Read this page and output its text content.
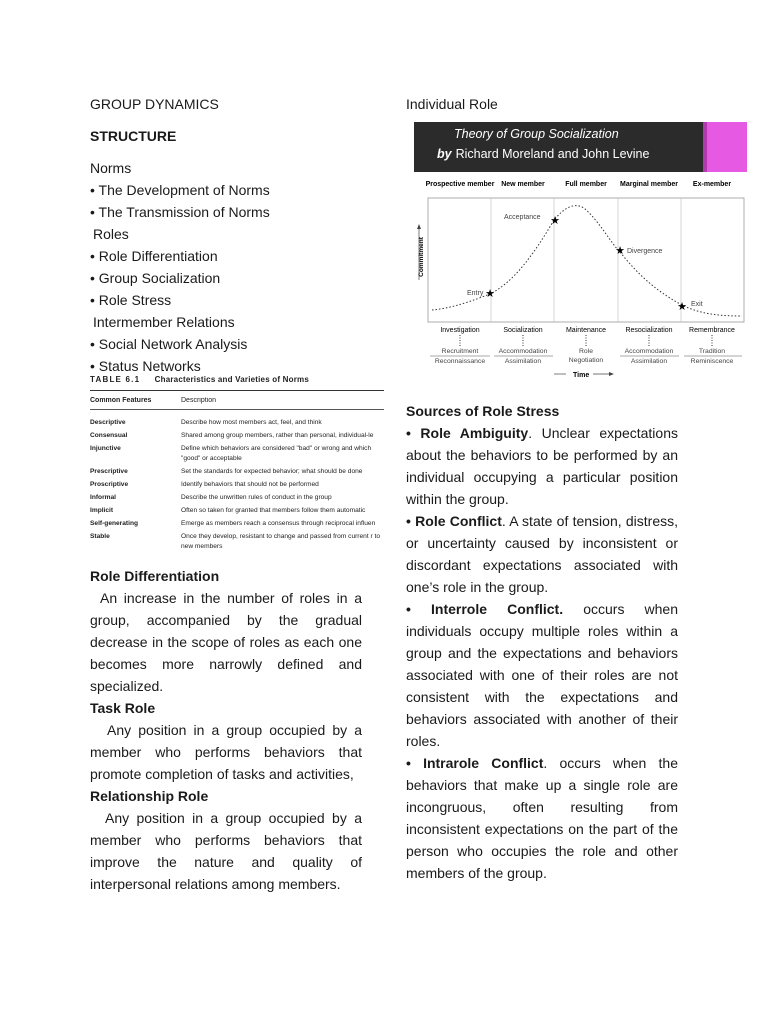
GROUP DYNAMICS
STRUCTURE
Norms
• The Development of Norms
• The Transmission of Norms
Roles
• Role Differentiation
• Group Socialization
• Role Stress
Intermember Relations
• Social Network Analysis
• Status Networks
TABLE 6.1 Characteristics and Varieties of Norms
Common Features	Description
Descriptive	Describe how most members act, feel, and think
Consensual	Shared among group members, rather than personal, individual-le
Injunctive	Define which behaviors are considered "bad" or wrong and which "good" or acceptable
Prescriptive	Set the standards for expected behavior; what should be done
Proscriptive	Identify behaviors that should not be performed
Informal	Describe the unwritten rules of conduct in the group
Implicit	Often so taken for granted that members follow them automatic
Self-generating	Emerge as members reach a consensus through reciprocal influen
Stable	Once they develop, resistant to change and passed from current r to new members
Role Differentiation

An increase in the number of roles in a group, accompanied by the gradual decrease in the scope of roles as each one becomes more narrowly defined and specialized.

Task Role

Any position in a group occupied by a member who performs behaviors that promote completion of tasks and activities,

Relationship Role

Any position in a group occupied by a member who performs behaviors that improve the nature and quality of interpersonal relations among members.

Individual Role
Theory of Group Socialization
by Richard Moreland and John Levine
Prospective member New member	Full member Marginal member Ex-member
Commitment
★
★
★
★
Entry
Acceptance
Divergence
Exit
Investigation	Socialization	Maintenance	Resocialization Remembrance
Recruitment	Accommodation	Role	Accommodation	Tradition
Negotiation
Reconnaissance	Assimilation	Assimilation	Reminiscence
Time
Sources of Role Stress

• Role Ambiguity. Unclear expectations about the behaviors to be performed by an individual occupying a particular position within the group.

• Role Conflict. A state of tension, distress, or uncertainty caused by inconsistent or discordant expectations associated with one’s role in the group.

• Interrole Conflict. occurs when individuals occupy multiple roles within a group and the expectations and behaviors associated with one of their roles are not consistent with the expectations and behaviors associated with another of their roles.

• Intrarole Conflict. occurs when the behaviors that make up a single role are incongruous, often resulting from inconsistent expectations on the part of the person who occupies the role and other members of the group.
